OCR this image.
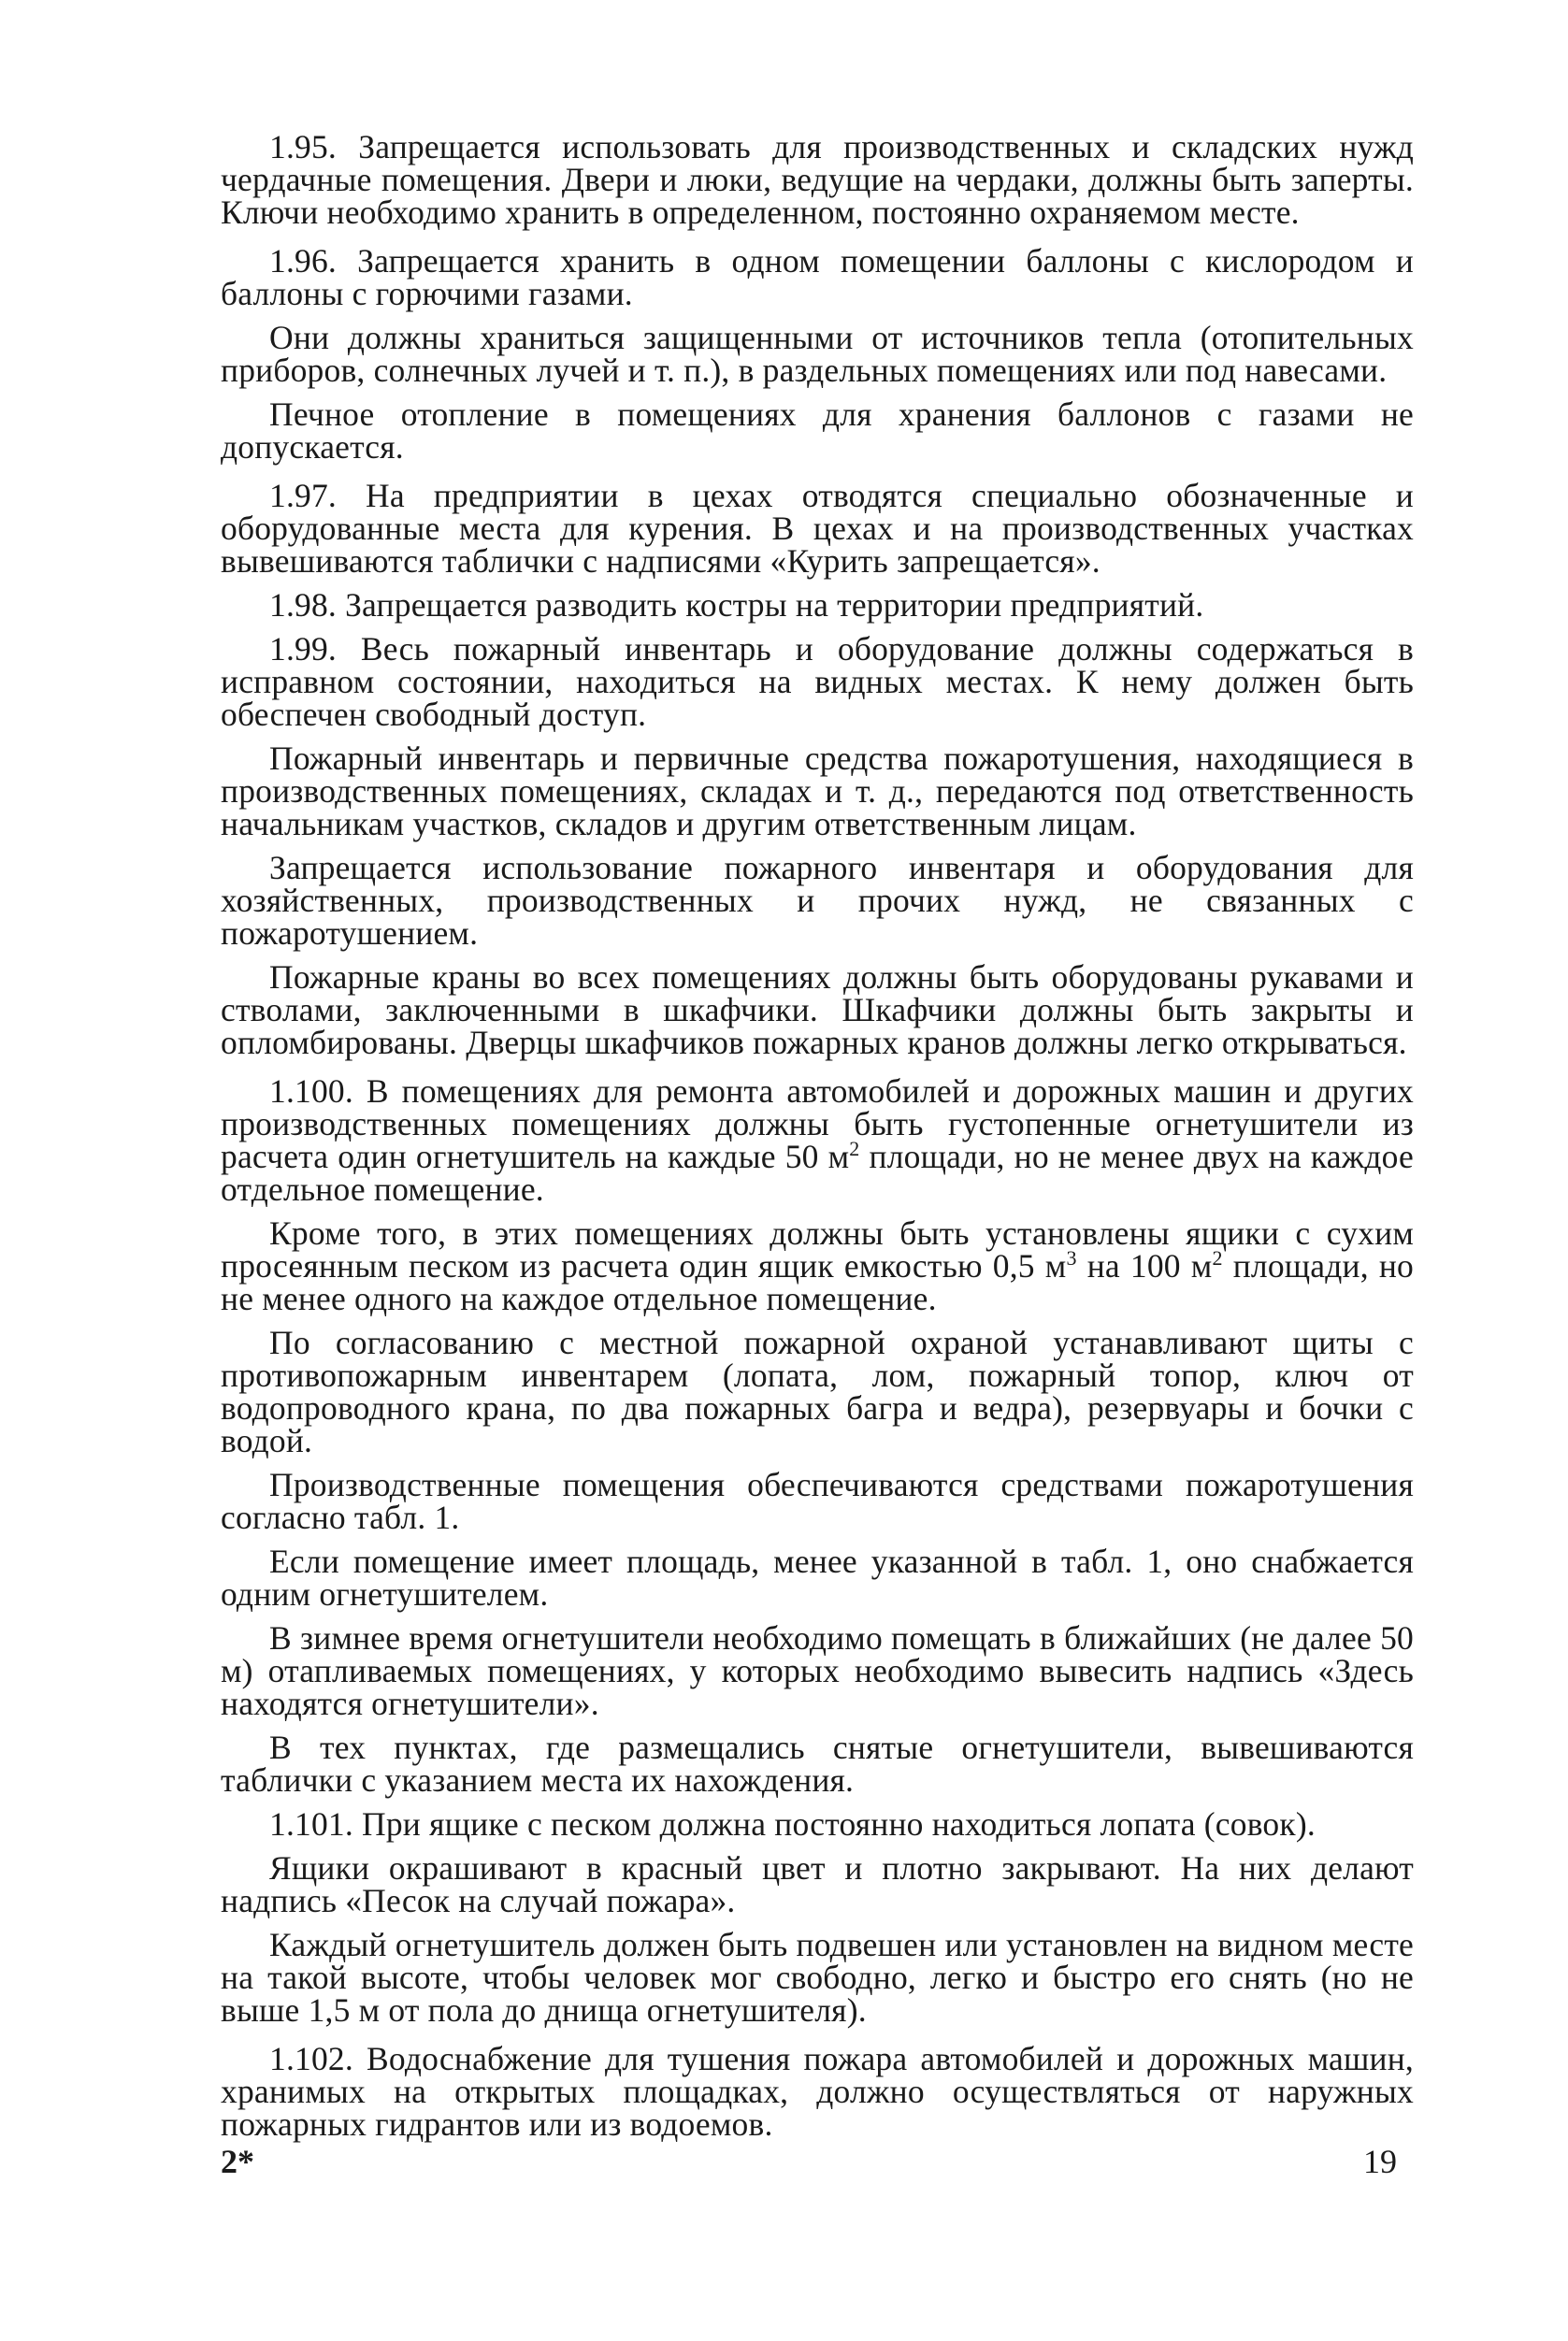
1.95. Запрещается использовать для производственных и складских нужд чердачные помещения. Двери и люки, ведущие на чердаки, должны быть заперты. Ключи необходимо хранить в определенном, постоянно охраняемом месте.

1.96. Запрещается хранить в одном помещении баллоны с кислородом и баллоны с горючими газами.

Они должны храниться защищенными от источников тепла (отопительных приборов, солнечных лучей и т. п.), в раздельных помещениях или под навесами.

Печное отопление в помещениях для хранения баллонов с газами не допускается.

1.97. На предприятии в цехах отводятся специально обозначенные и оборудованные места для курения. В цехах и на производственных участках вывешиваются таблички с надписями «Курить запрещается».

1.98. Запрещается разводить костры на территории предприятий.

1.99. Весь пожарный инвентарь и оборудование должны содержаться в исправном состоянии, находиться на видных местах. К нему должен быть обеспечен свободный доступ.

Пожарный инвентарь и первичные средства пожаротушения, находящиеся в производственных помещениях, складах и т. д., передаются под ответственность начальникам участков, складов и другим ответственным лицам.

Запрещается использование пожарного инвентаря и оборудования для хозяйственных, производственных и прочих нужд, не связанных с пожаротушением.

Пожарные краны во всех помещениях должны быть оборудованы рукавами и стволами, заключенными в шкафчики. Шкафчики должны быть закрыты и опломбированы. Дверцы шкафчиков пожарных кранов должны легко открываться.

1.100. В помещениях для ремонта автомобилей и дорожных машин и других производственных помещениях должны быть густопенные огнетушители из расчета один огнетушитель на каждые 50 $м^2$ площади, но не менее двух на каждое отдельное помещение.

Кроме того, в этих помещениях должны быть установлены ящики с сухим просеянным песком из расчета один ящик емкостью 0,5 $м^3$ на 100 $м^2$ площади, но не менее одного на каждое отдельное помещение.

По согласованию с местной пожарной охраной устанавливают щиты с противопожарным инвентарем (лопата, лом, пожарный топор, ключ от водопроводного крана, по два пожарных багра и ведра), резервуары и бочки с водой.

Производственные помещения обеспечиваются средствами пожаротушения согласно табл. 1.

Если помещение имеет площадь, менее указанной в табл. 1, оно снабжается одним огнетушителем.

В зимнее время огнетушители необходимо помещать в ближайших (не далее 50 м) отапливаемых помещениях, у которых необходимо вывесить надпись «Здесь находятся огнетушители».

В тех пунктах, где размещались снятые огнетушители, вывешиваются таблички с указанием места их нахождения.

1.101. При ящике с песком должна постоянно находиться лопата (совок).

Ящики окрашивают в красный цвет и плотно закрывают. На них делают надпись «Песок на случай пожара».

Каждый огнетушитель должен быть подвешен или установлен на видном месте на такой высоте, чтобы человек мог свободно, легко и быстро его снять (но не выше 1,5 м от пола до днища огнетушителя).

1.102. Водоснабжение для тушения пожара автомобилей и дорожных машин, хранимых на открытых площадках, должно осуществляться от наружных пожарных гидрантов или из водоемов.

2*	19
